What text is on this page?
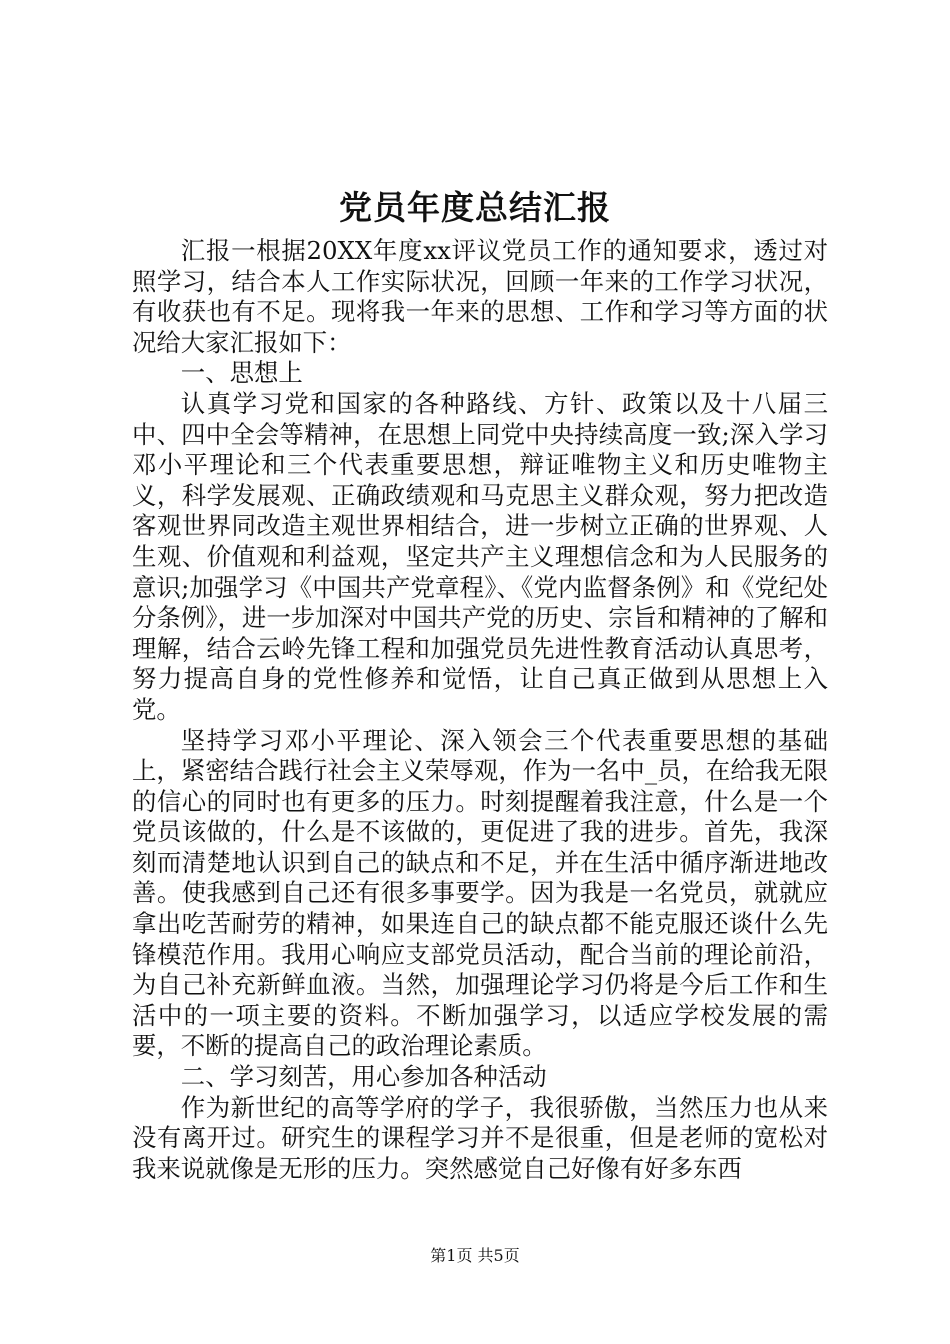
党员年度总结汇报

汇报一根据20XX年度xx评议党员工作的通知要求，透过对照学习，结合本人工作实际状况，回顾一年来的工作学习状况，有收获也有不足。现将我一年来的思想、工作和学习等方面的状况给大家汇报如下：

一、思想上

认真学习党和国家的各种路线、方针、政策以及十八届三中、四中全会等精神，在思想上同党中央持续高度一致;深入学习邓小平理论和三个代表重要思想，辩证唯物主义和历史唯物主义，科学发展观、正确政绩观和马克思主义群众观，努力把改造客观世界同改造主观世界相结合，进一步树立正确的世界观、人生观、价值观和利益观，坚定共产主义理想信念和为人民服务的意识;加强学习《中国共产党章程》、《党内监督条例》和《党纪处分条例》，进一步加深对中国共产党的历史、宗旨和精神的了解和理解，结合云岭先锋工程和加强党员先进性教育活动认真思考，努力提高自身的党性修养和觉悟，让自己真正做到从思想上入党。

坚持学习邓小平理论、深入领会三个代表重要思想的基础上，紧密结合践行社会主义荣辱观，作为一名中_员，在给我无限的信心的同时也有更多的压力。时刻提醒着我注意，什么是一个党员该做的，什么是不该做的，更促进了我的进步。首先，我深刻而清楚地认识到自己的缺点和不足，并在生活中循序渐进地改善。使我感到自己还有很多事要学。因为我是一名党员，就就应拿出吃苦耐劳的精神，如果连自己的缺点都不能克服还谈什么先锋模范作用。我用心响应支部党员活动，配合当前的理论前沿，为自己补充新鲜血液。当然，加强理论学习仍将是今后工作和生活中的一项主要的资料。不断加强学习，以适应学校发展的需要，不断的提高自己的政治理论素质。

二、学习刻苦，用心参加各种活动

作为新世纪的高等学府的学子，我很骄傲，当然压力也从来没有离开过。研究生的课程学习并不是很重，但是老师的宽松对我来说就像是无形的压力。突然感觉自己好像有好多东西

第1页 共5页
